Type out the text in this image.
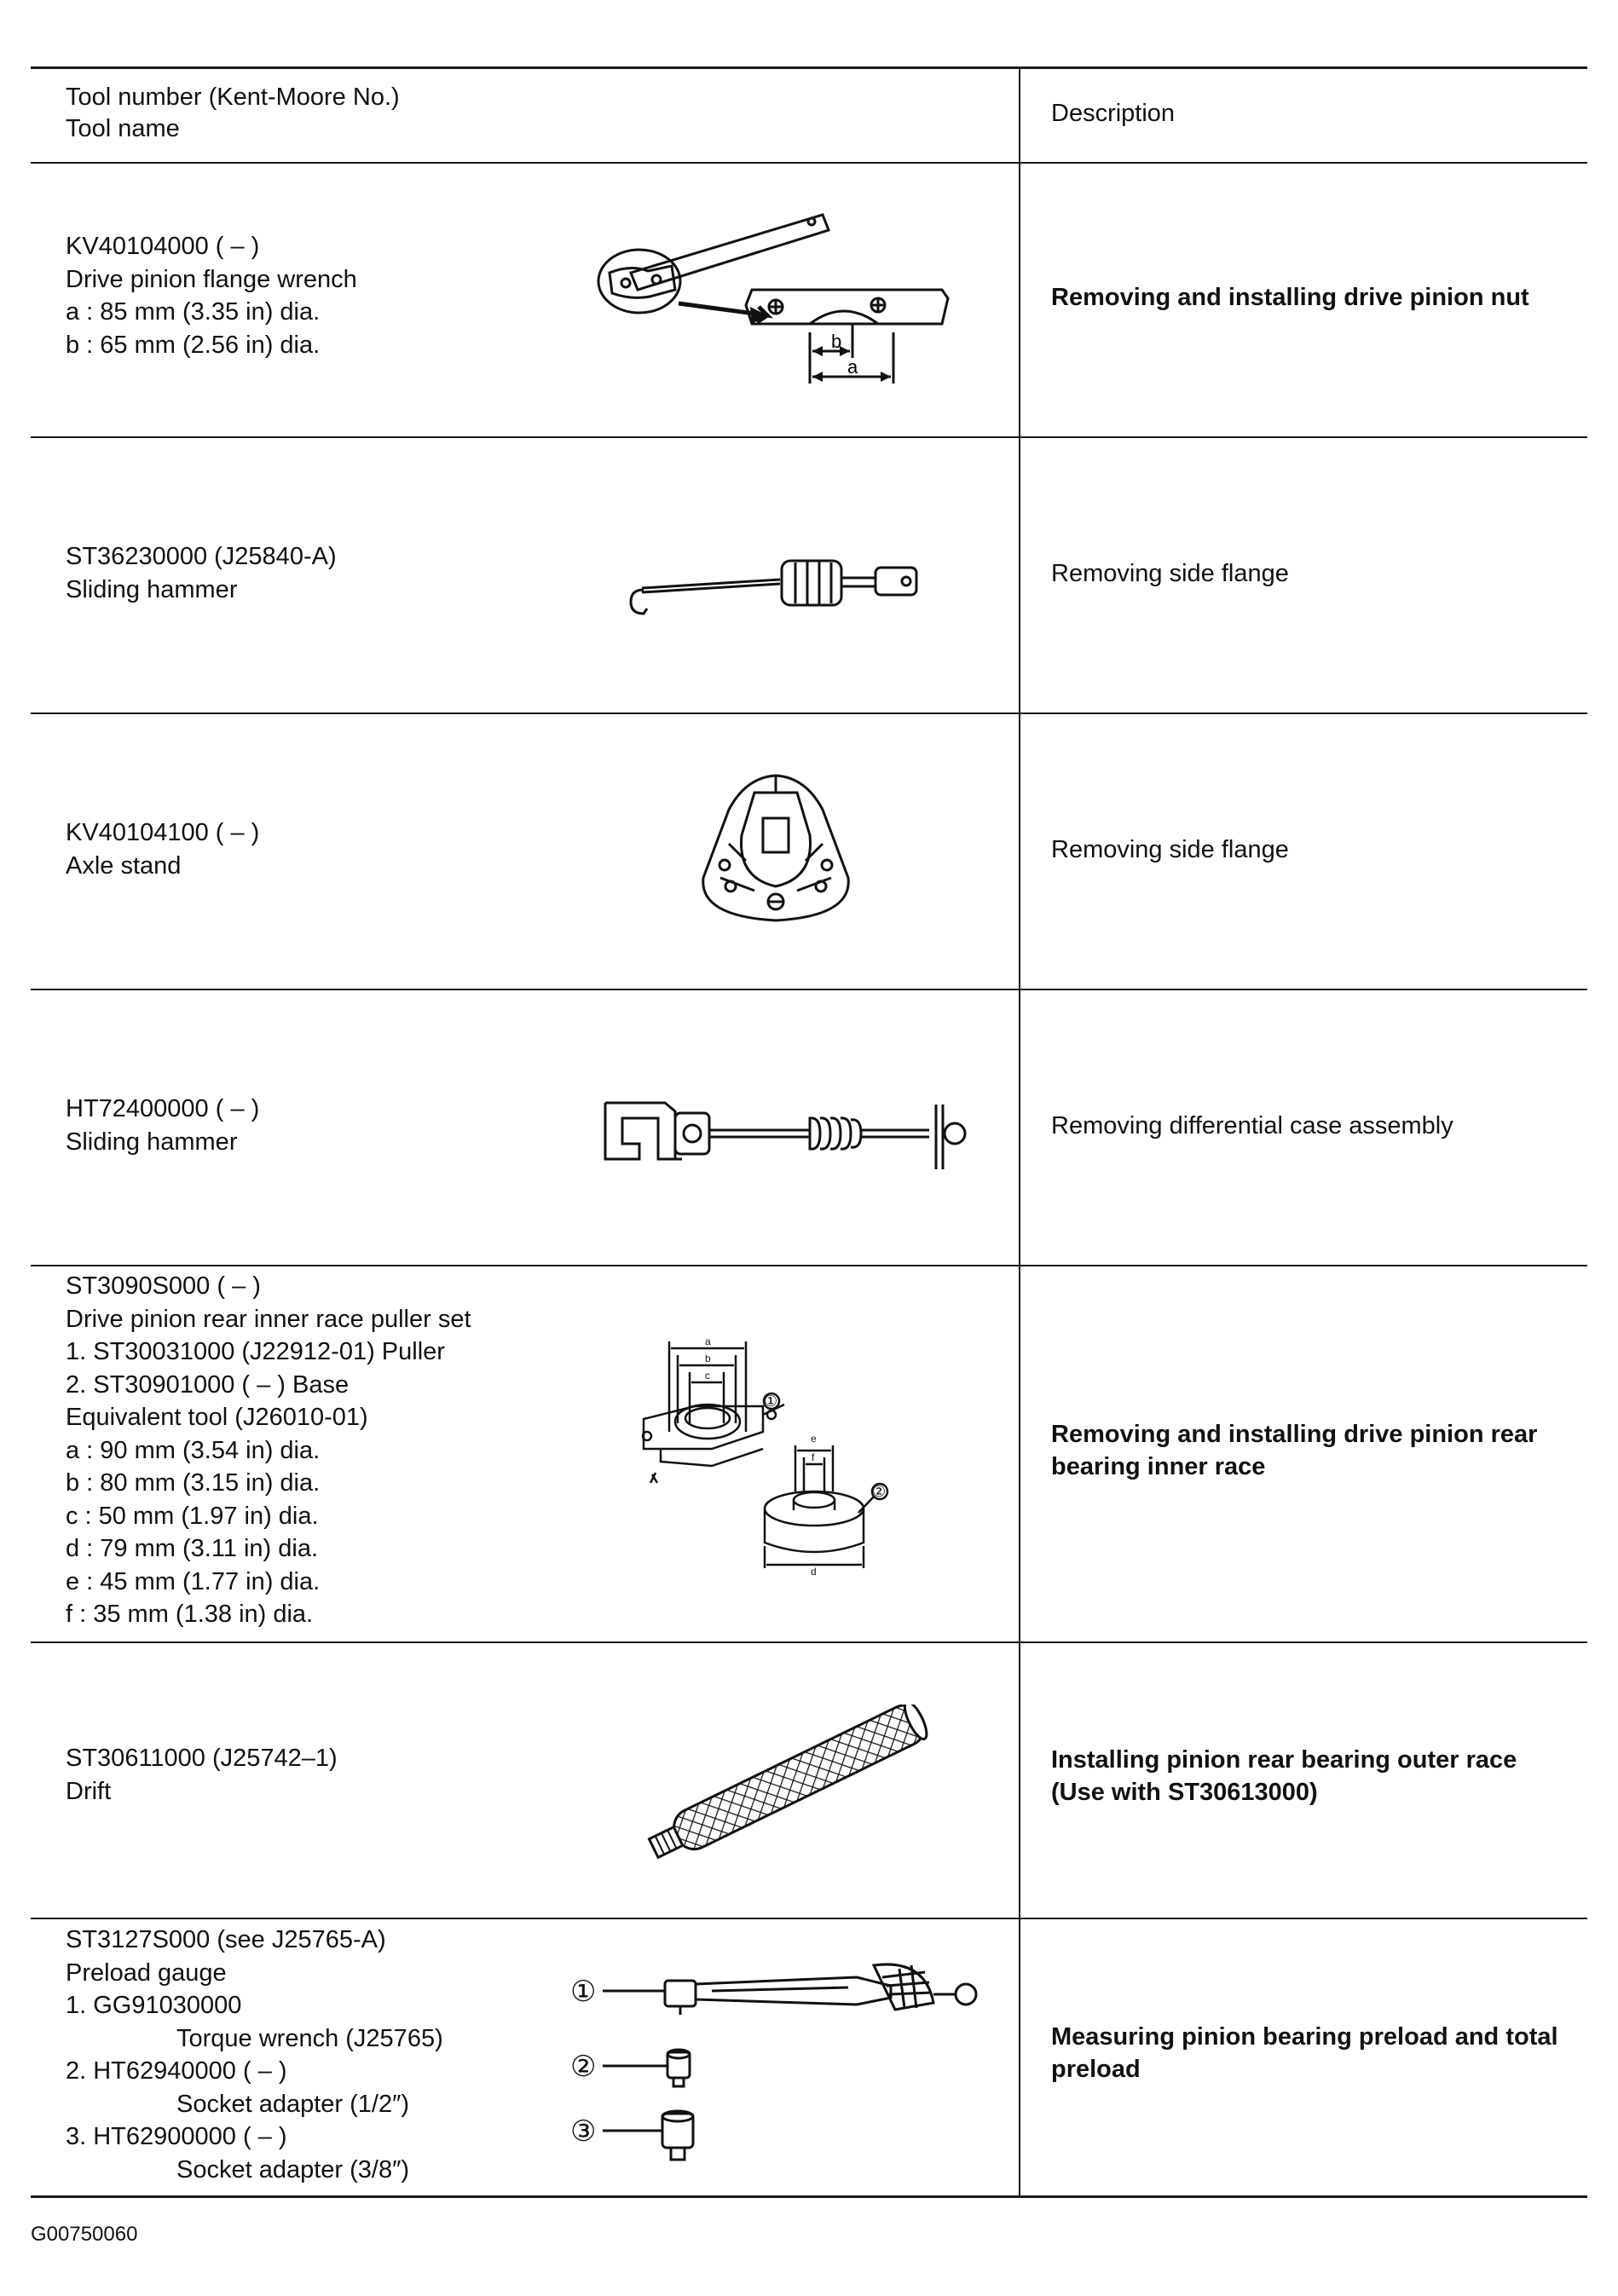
Tool number (Kent-Moore No.)
Tool name
Description
KV40104000 ( – )
Drive pinion flange wrench
a : 85 mm (3.35 in) dia.
b : 65 mm (2.56 in) dia.	b
a
Removing and installing drive pinion nut
ST36230000 (J25840-A)
Sliding hammer
Removing side flange
KV40104100 ( – )
Axle stand
Removing side flange
HT72400000 ( – )
Sliding hammer
Removing differential case assembly
ST3090S000 ( – )
Drive pinion rear inner race puller set
1. ST30031000 (J22912-01) Puller
2. ST30901000 ( – ) Base
Equivalent tool (J26010-01)
a : 90 mm (3.54 in) dia.
b : 80 mm (3.15 in) dia.
c : 50 mm (1.97 in) dia.
d : 79 mm (3.11 in) dia.
e : 45 mm (1.77 in) dia.
f : 35 mm (1.38 in) dia.
a
b
c
d
e
f
①
②
Removing and installing drive pinion rear
bearing inner race
ST30611000 (J25742–1)
Drift
Installing pinion rear bearing outer race
(Use with ST30613000)
ST3127S000 (see J25765-A)
Preload gauge
1. GG91030000
Torque wrench (J25765)
2. HT62940000 ( – )
Socket adapter (1/2″)
3. HT62900000 ( – )
Socket adapter (3/8″)
①
②
③
Measuring pinion bearing preload and total
preload
G00750060
